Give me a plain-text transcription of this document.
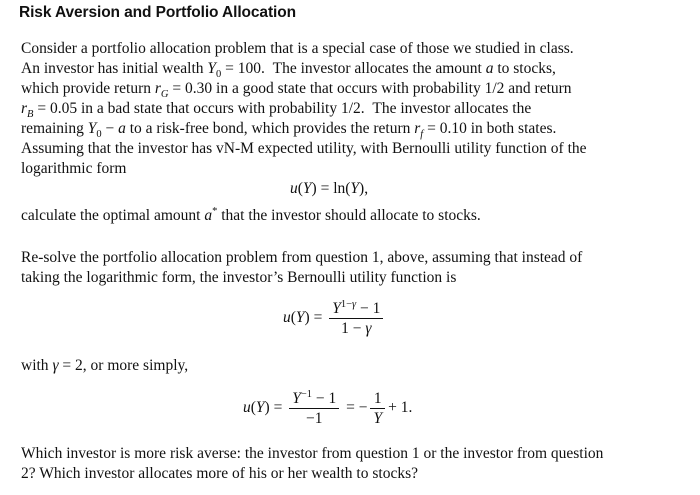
Risk Aversion and Portfolio Allocation
Consider a portfolio allocation problem that is a special case of those we studied in class.
An investor has initial wealth $Y_0 = 100$.  The investor allocates the amount a to stocks,
which provide return $r_G = 0.30$ in a good state that occurs with probability 1/2 and return
$r_B = 0.05$ in a bad state that occurs with probability 1/2.  The investor allocates the
remaining $Y_0 - a$ to a risk-free bond, which provides the return $r_f = 0.10$ in both states.
Assuming that the investor has vN-M expected utility, with Bernoulli utility function of the
logarithmic form
u(Y) = ln(Y),
calculate the optimal amount a* that the investor should allocate to stocks.
Re-solve the portfolio allocation problem from question 1, above, assuming that instead of
taking the logarithmic form, the investor’s Bernoulli utility function is
$u(Y) = \frac{Y^{1-\gamma} - 1}{1 - \gamma}$
with γ = 2, or more simply,
$u(Y) = \frac{Y^{-1} - 1}{-1}$ = − $\frac{1}{Y} + 1$.
Which investor is more risk averse: the investor from question 1 or the investor from question
2? Which investor allocates more of his or her wealth to stocks?
